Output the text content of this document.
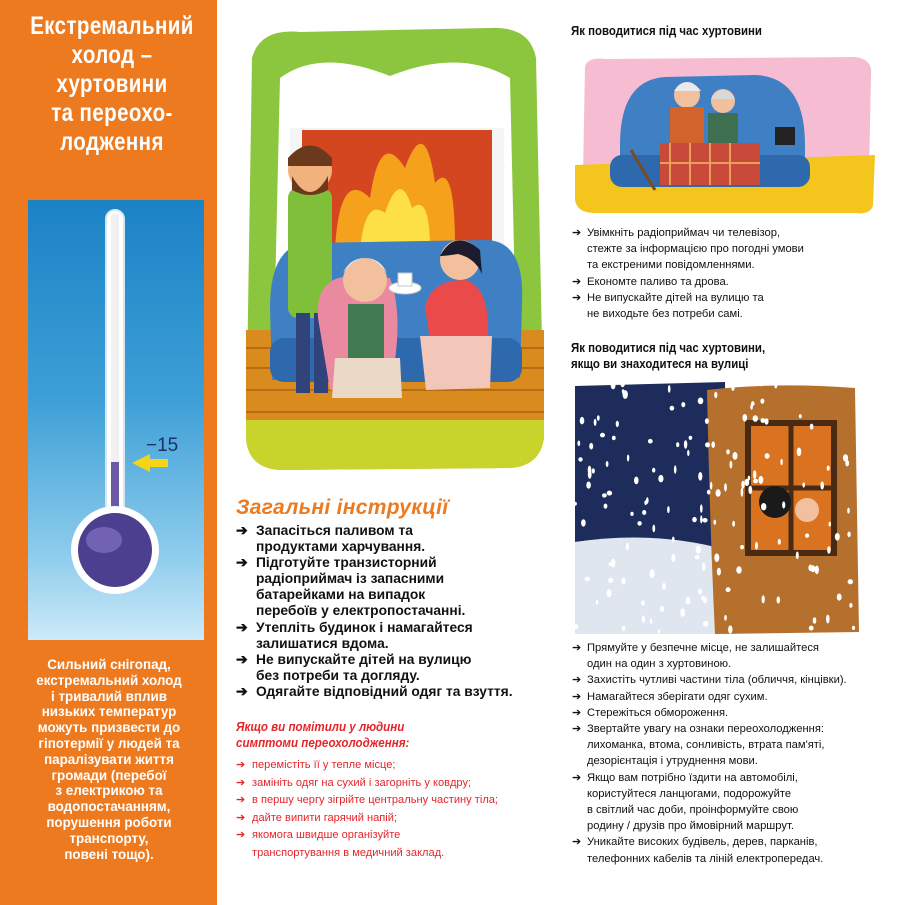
Екстремальний
холод –
хуртовини
та переохо-
лодження
−15
Сильний снігопад,
екстремальний холод
і тривалий вплив
низьких температур
можуть призвести до
гіпотермії у людей та
паралізувати життя
громади (перебої
з електрикою та
водопостачанням,
порушення роботи
транспорту,
повені тощо).
Загальні інструкції
➔ Запасіться паливом та
продуктами харчування.
➔ Підготуйте транзисторний
радіоприймач із запасними
батарейками на випадок
перебоїв у електропостачанні.
➔ Утепліть будинок і намагайтеся
залишатися вдома.
➔ Не випускайте дітей на вулицю
без потреби та догляду.
➔ Одягайте відповідний одяг та взуття.
Якщо ви помітили у людини
симптоми переохолодження:
➔ перемістіть її у тепле місце;
➔ замініть одяг на сухий і загорніть у ковдру;
➔ в першу чергу зігрійте центральну частину тіла;
➔ дайте випити гарячий напій;
➔ якомога швидше організуйте
транспортування в медичний заклад.
Як поводитися під час хуртовини
➔ Увімкніть радіоприймач чи телевізор,
стежте за інформацією про погодні умови
та екстреними повідомленнями.
➔ Економте паливо та дрова.
➔ Не випускайте дітей на вулицю та
не виходьте без потреби самі.
Як поводитися під час хуртовини,
якщо ви знаходитеся на вулиці
➔ Прямуйте у безпечне місце, не залишайтеся
один на один з хуртовиною.
➔ Захистіть чутливі частини тіла (обличчя, кінцівки).
➔ Намагайтеся зберігати одяг сухим.
➔ Стережіться обмороження.
➔ Звертайте увагу на ознаки переохолодження:
лихоманка, втома, сонливість, втрата пам'яті,
дезорієнтація і утруднення мови.
➔ Якщо вам потрібно їздити на автомобілі,
користуйтеся ланцюгами, подорожуйте
в світлий час доби, проінформуйте свою
родину / друзів про ймовірний маршрут.
➔ Уникайте високих будівель, дерев, парканів,
телефонних кабелів та ліній електропередач.
